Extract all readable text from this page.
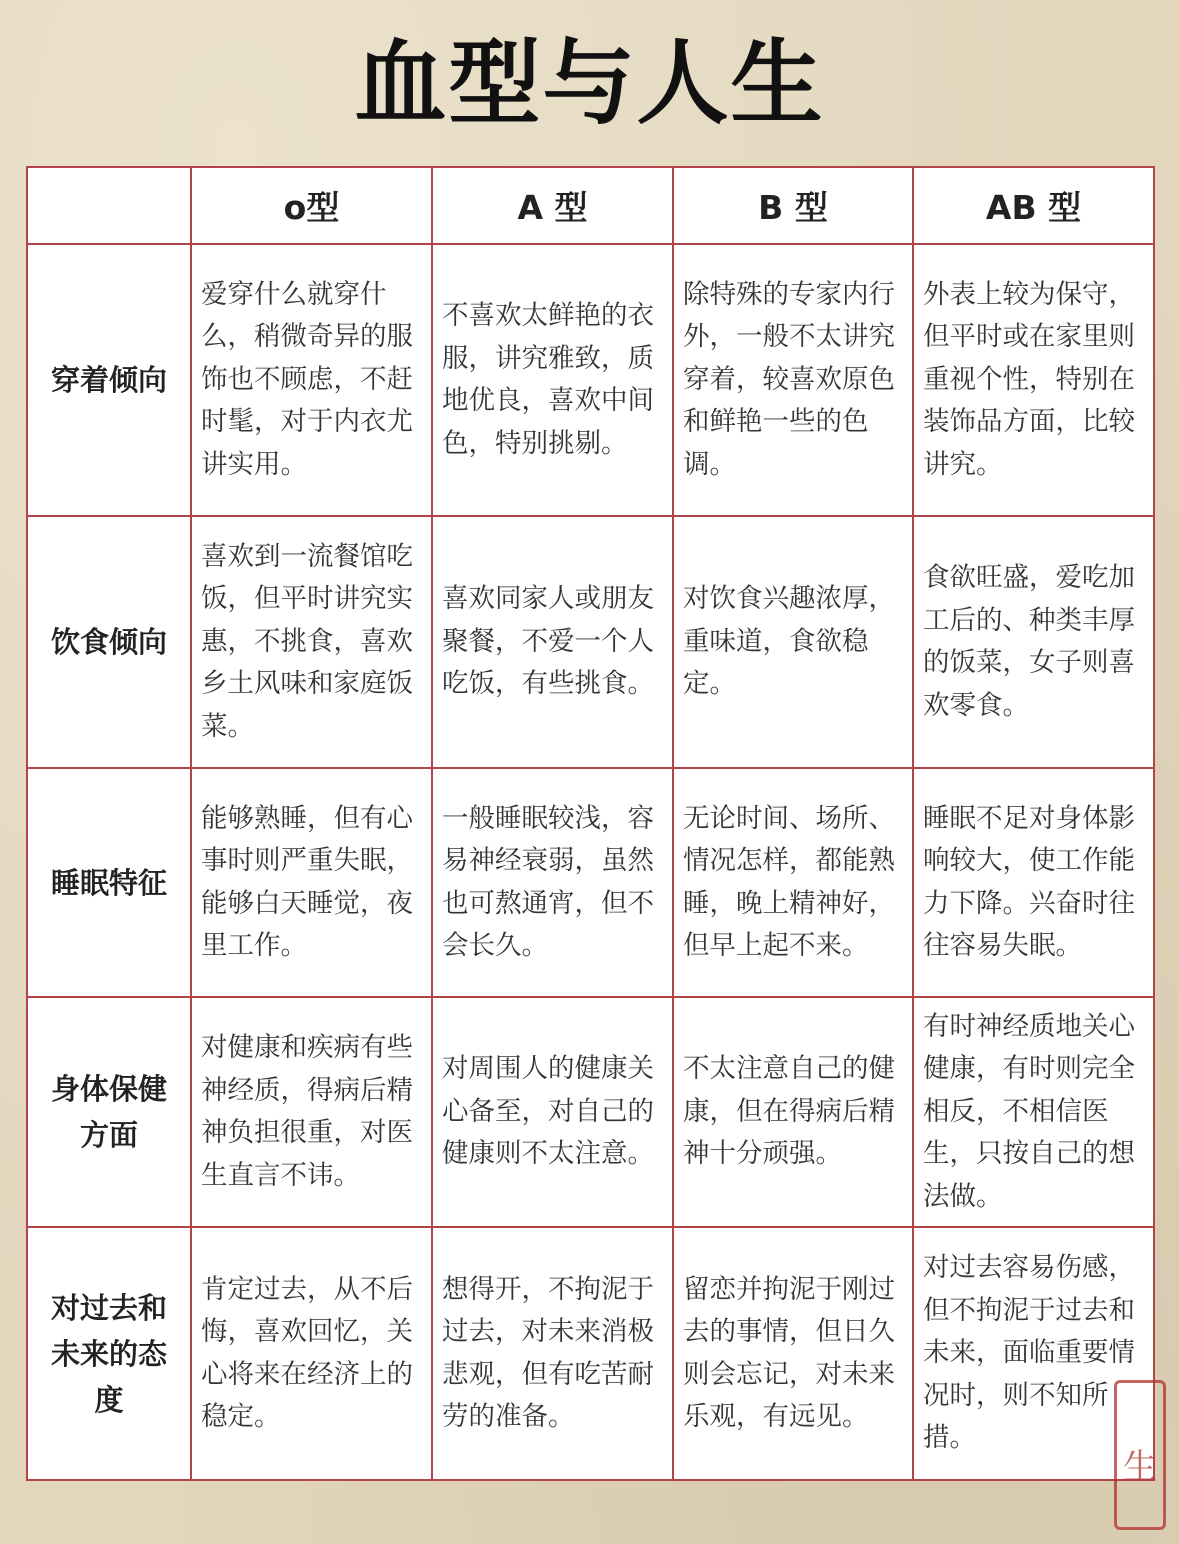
血型与人生
	o型	A 型	B 型	AB 型
穿着倾向	爱穿什么就穿什么，稍微奇异的服饰也不顾虑，不赶时髦，对于内衣尤讲实用。	不喜欢太鲜艳的衣服，讲究雅致，质地优良，喜欢中间色，特别挑剔。	除特殊的专家内行外，一般不太讲究穿着，较喜欢原色和鲜艳一些的色调。	外表上较为保守，但平时或在家里则重视个性，特别在装饰品方面，比较讲究。
饮食倾向	喜欢到一流餐馆吃饭，但平时讲究实惠，不挑食，喜欢乡土风味和家庭饭菜。	喜欢同家人或朋友聚餐，不爱一个人吃饭，有些挑食。	对饮食兴趣浓厚，重味道，食欲稳定。	食欲旺盛，爱吃加工后的、种类丰厚的饭菜，女子则喜欢零食。
睡眠特征	能够熟睡，但有心事时则严重失眠，能够白天睡觉，夜里工作。	一般睡眠较浅，容易神经衰弱，虽然也可熬通宵，但不会长久。	无论时间、场所、情况怎样，都能熟睡，晚上精神好，但早上起不来。	睡眠不足对身体影响较大，使工作能力下降。兴奋时往往容易失眠。
身体保健方面	对健康和疾病有些神经质，得病后精神负担很重，对医生直言不讳。	对周围人的健康关心备至，对自己的健康则不太注意。	不太注意自己的健康，但在得病后精神十分顽强。	有时神经质地关心健康，有时则完全相反，不相信医生，只按自己的想法做。
对过去和未来的态度	肯定过去，从不后悔，喜欢回忆，关心将来在经济上的稳定。	想得开，不拘泥于过去，对未来消极悲观，但有吃苦耐劳的准备。	留恋并拘泥于刚过去的事情，但日久则会忘记，对未来乐观，有远见。	对过去容易伤感，但不拘泥于过去和未来，面临重要情况时，则不知所措。
生
